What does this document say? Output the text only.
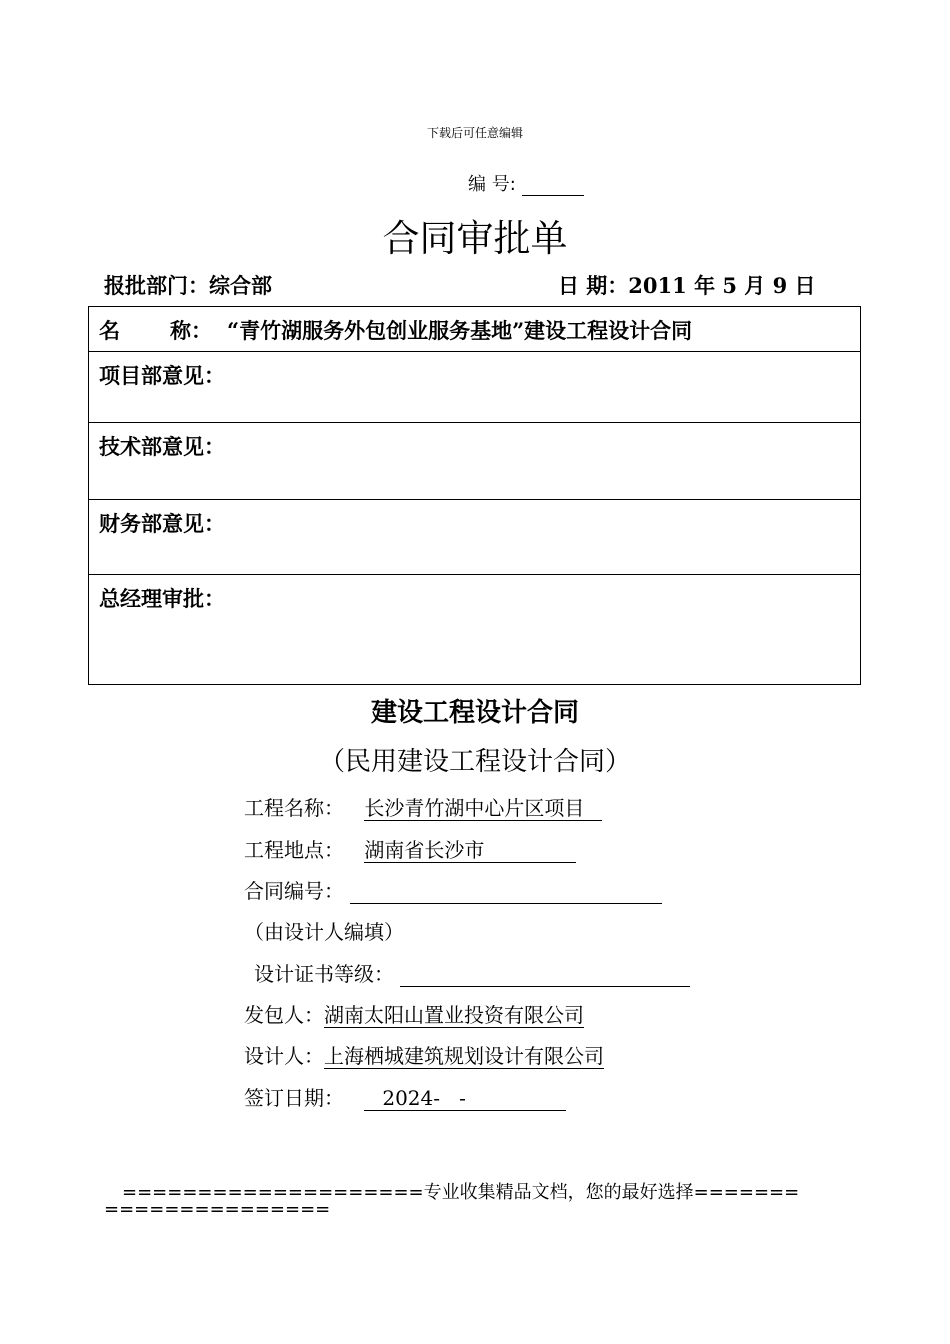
下载后可任意编辑
编 号:
合同审批单
报批部门：综合部	日 期：2011 年 5 月 9 日
名 称： “青竹湖服务外包创业服务基地”建设工程设计合同
项目部意见：
技术部意见：
财务部意见：
总经理审批：
建设工程设计合同
（民用建设工程设计合同）
工程名称： 长沙青竹湖中心片区项目
工程地点： 湖南省长沙市
合同编号：
（由设计人编填）
设计证书等级：
发包人：湖南太阳山置业投资有限公司
设计人：上海栖城建筑规划设计有限公司
签订日期： 2024-   -
====================专业收集精品文档，您的最好选择=======
===============
